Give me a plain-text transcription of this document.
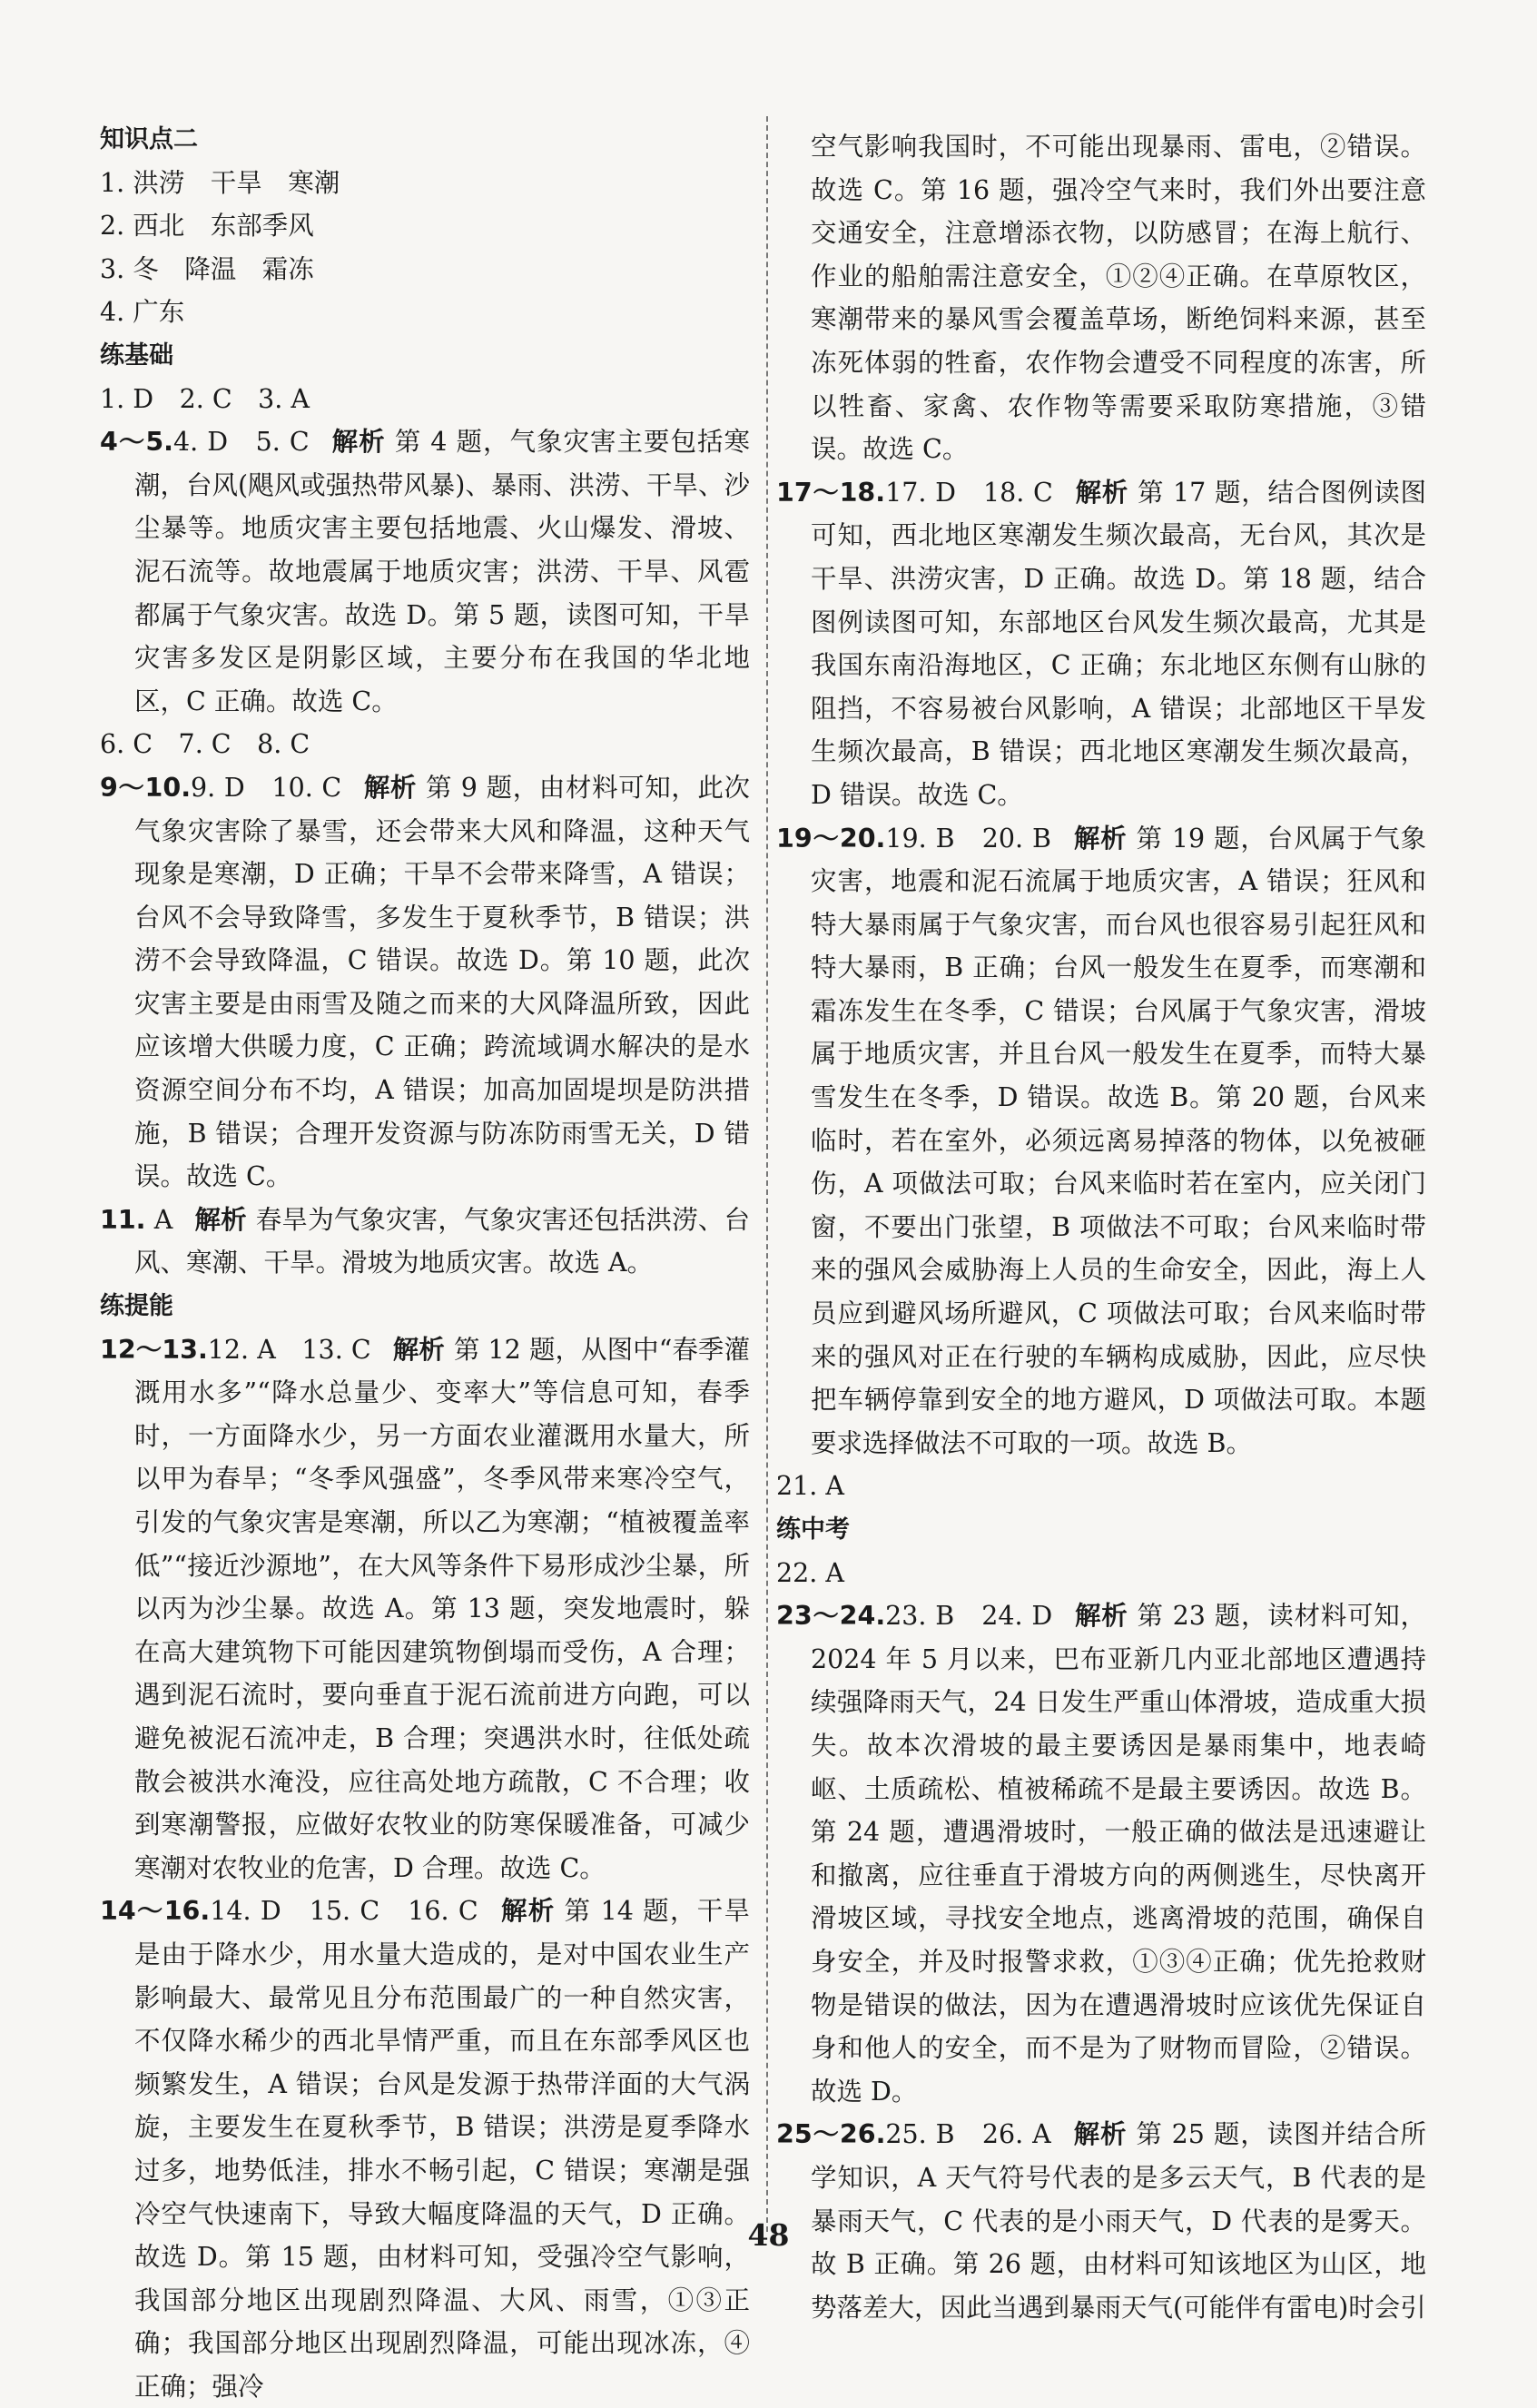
知识点二
1. 洪涝　干旱　寒潮
2. 西北　东部季风
3. 冬　降温　霜冻
4. 广东
练基础
1. D　2. C　3. A
4～5.4. D　5. C 解析 第 4 题，气象灾害主要包括寒潮，台风(飓风或强热带风暴)、暴雨、洪涝、干旱、沙尘暴等。地质灾害主要包括地震、火山爆发、滑坡、泥石流等。故地震属于地质灾害；洪涝、干旱、风雹都属于气象灾害。故选 D。第 5 题，读图可知，干旱灾害多发区是阴影区域，主要分布在我国的华北地区，C 正确。故选 C。
6. C　7. C　8. C
9～10.9. D　10. C 解析 第 9 题，由材料可知，此次气象灾害除了暴雪，还会带来大风和降温，这种天气现象是寒潮，D 正确；干旱不会带来降雪，A 错误；台风不会导致降雪，多发生于夏秋季节，B 错误；洪涝不会导致降温，C 错误。故选 D。第 10 题，此次灾害主要是由雨雪及随之而来的大风降温所致，因此应该增大供暖力度，C 正确；跨流域调水解决的是水资源空间分布不均，A 错误；加高加固堤坝是防洪措施，B 错误；合理开发资源与防冻防雨雪无关，D 错误。故选 C。
11. A 解析 春旱为气象灾害，气象灾害还包括洪涝、台风、寒潮、干旱。滑坡为地质灾害。故选 A。
练提能
12～13.12. A　13. C 解析 第 12 题，从图中“春季灌溉用水多”“降水总量少、变率大”等信息可知，春季时，一方面降水少，另一方面农业灌溉用水量大，所以甲为春旱；“冬季风强盛”，冬季风带来寒冷空气，引发的气象灾害是寒潮，所以乙为寒潮；“植被覆盖率低”“接近沙源地”，在大风等条件下易形成沙尘暴，所以丙为沙尘暴。故选 A。第 13 题，突发地震时，躲在高大建筑物下可能因建筑物倒塌而受伤，A 合理；遇到泥石流时，要向垂直于泥石流前进方向跑，可以避免被泥石流冲走，B 合理；突遇洪水时，往低处疏散会被洪水淹没，应往高处地方疏散，C 不合理；收到寒潮警报，应做好农牧业的防寒保暖准备，可减少寒潮对农牧业的危害，D 合理。故选 C。
14～16.14. D　15. C　16. C 解析 第 14 题，干旱是由于降水少，用水量大造成的，是对中国农业生产影响最大、最常见且分布范围最广的一种自然灾害，不仅降水稀少的西北旱情严重，而且在东部季风区也频繁发生，A 错误；台风是发源于热带洋面的大气涡旋，主要发生在夏秋季节，B 错误；洪涝是夏季降水过多，地势低洼，排水不畅引起，C 错误；寒潮是强冷空气快速南下，导致大幅度降温的天气，D 正确。故选 D。第 15 题，由材料可知，受强冷空气影响，我国部分地区出现剧烈降温、大风、雨雪，①③正确；我国部分地区出现剧烈降温，可能出现冰冻，④正确；强冷
空气影响我国时，不可能出现暴雨、雷电，②错误。故选 C。第 16 题，强冷空气来时，我们外出要注意交通安全，注意增添衣物，以防感冒；在海上航行、作业的船舶需注意安全，①②④正确。在草原牧区，寒潮带来的暴风雪会覆盖草场，断绝饲料来源，甚至冻死体弱的牲畜，农作物会遭受不同程度的冻害，所以牲畜、家禽、农作物等需要采取防寒措施，③错误。故选 C。
17～18.17. D　18. C 解析 第 17 题，结合图例读图可知，西北地区寒潮发生频次最高，无台风，其次是干旱、洪涝灾害，D 正确。故选 D。第 18 题，结合图例读图可知，东部地区台风发生频次最高，尤其是我国东南沿海地区，C 正确；东北地区东侧有山脉的阻挡，不容易被台风影响，A 错误；北部地区干旱发生频次最高，B 错误；西北地区寒潮发生频次最高，D 错误。故选 C。
19～20.19. B　20. B 解析 第 19 题，台风属于气象灾害，地震和泥石流属于地质灾害，A 错误；狂风和特大暴雨属于气象灾害，而台风也很容易引起狂风和特大暴雨，B 正确；台风一般发生在夏季，而寒潮和霜冻发生在冬季，C 错误；台风属于气象灾害，滑坡属于地质灾害，并且台风一般发生在夏季，而特大暴雪发生在冬季，D 错误。故选 B。第 20 题，台风来临时，若在室外，必须远离易掉落的物体，以免被砸伤，A 项做法可取；台风来临时若在室内，应关闭门窗，不要出门张望，B 项做法不可取；台风来临时带来的强风会威胁海上人员的生命安全，因此，海上人员应到避风场所避风，C 项做法可取；台风来临时带来的强风对正在行驶的车辆构成威胁，因此，应尽快把车辆停靠到安全的地方避风，D 项做法可取。本题要求选择做法不可取的一项。故选 B。
21. A
练中考
22. A
23～24.23. B　24. D 解析 第 23 题，读材料可知，2024 年 5 月以来，巴布亚新几内亚北部地区遭遇持续强降雨天气，24 日发生严重山体滑坡，造成重大损失。故本次滑坡的最主要诱因是暴雨集中，地表崎岖、土质疏松、植被稀疏不是最主要诱因。故选 B。第 24 题，遭遇滑坡时，一般正确的做法是迅速避让和撤离，应往垂直于滑坡方向的两侧逃生，尽快离开滑坡区域，寻找安全地点，逃离滑坡的范围，确保自身安全，并及时报警求救，①③④正确；优先抢救财物是错误的做法，因为在遭遇滑坡时应该优先保证自身和他人的安全，而不是为了财物而冒险，②错误。故选 D。
25～26.25. B　26. A 解析 第 25 题，读图并结合所学知识，A 天气符号代表的是多云天气，B 代表的是暴雨天气，C 代表的是小雨天气，D 代表的是雾天。故 B 正确。第 26 题，由材料可知该地区为山区，地势落差大，因此当遇到暴雨天气(可能伴有雷电)时会引
48
